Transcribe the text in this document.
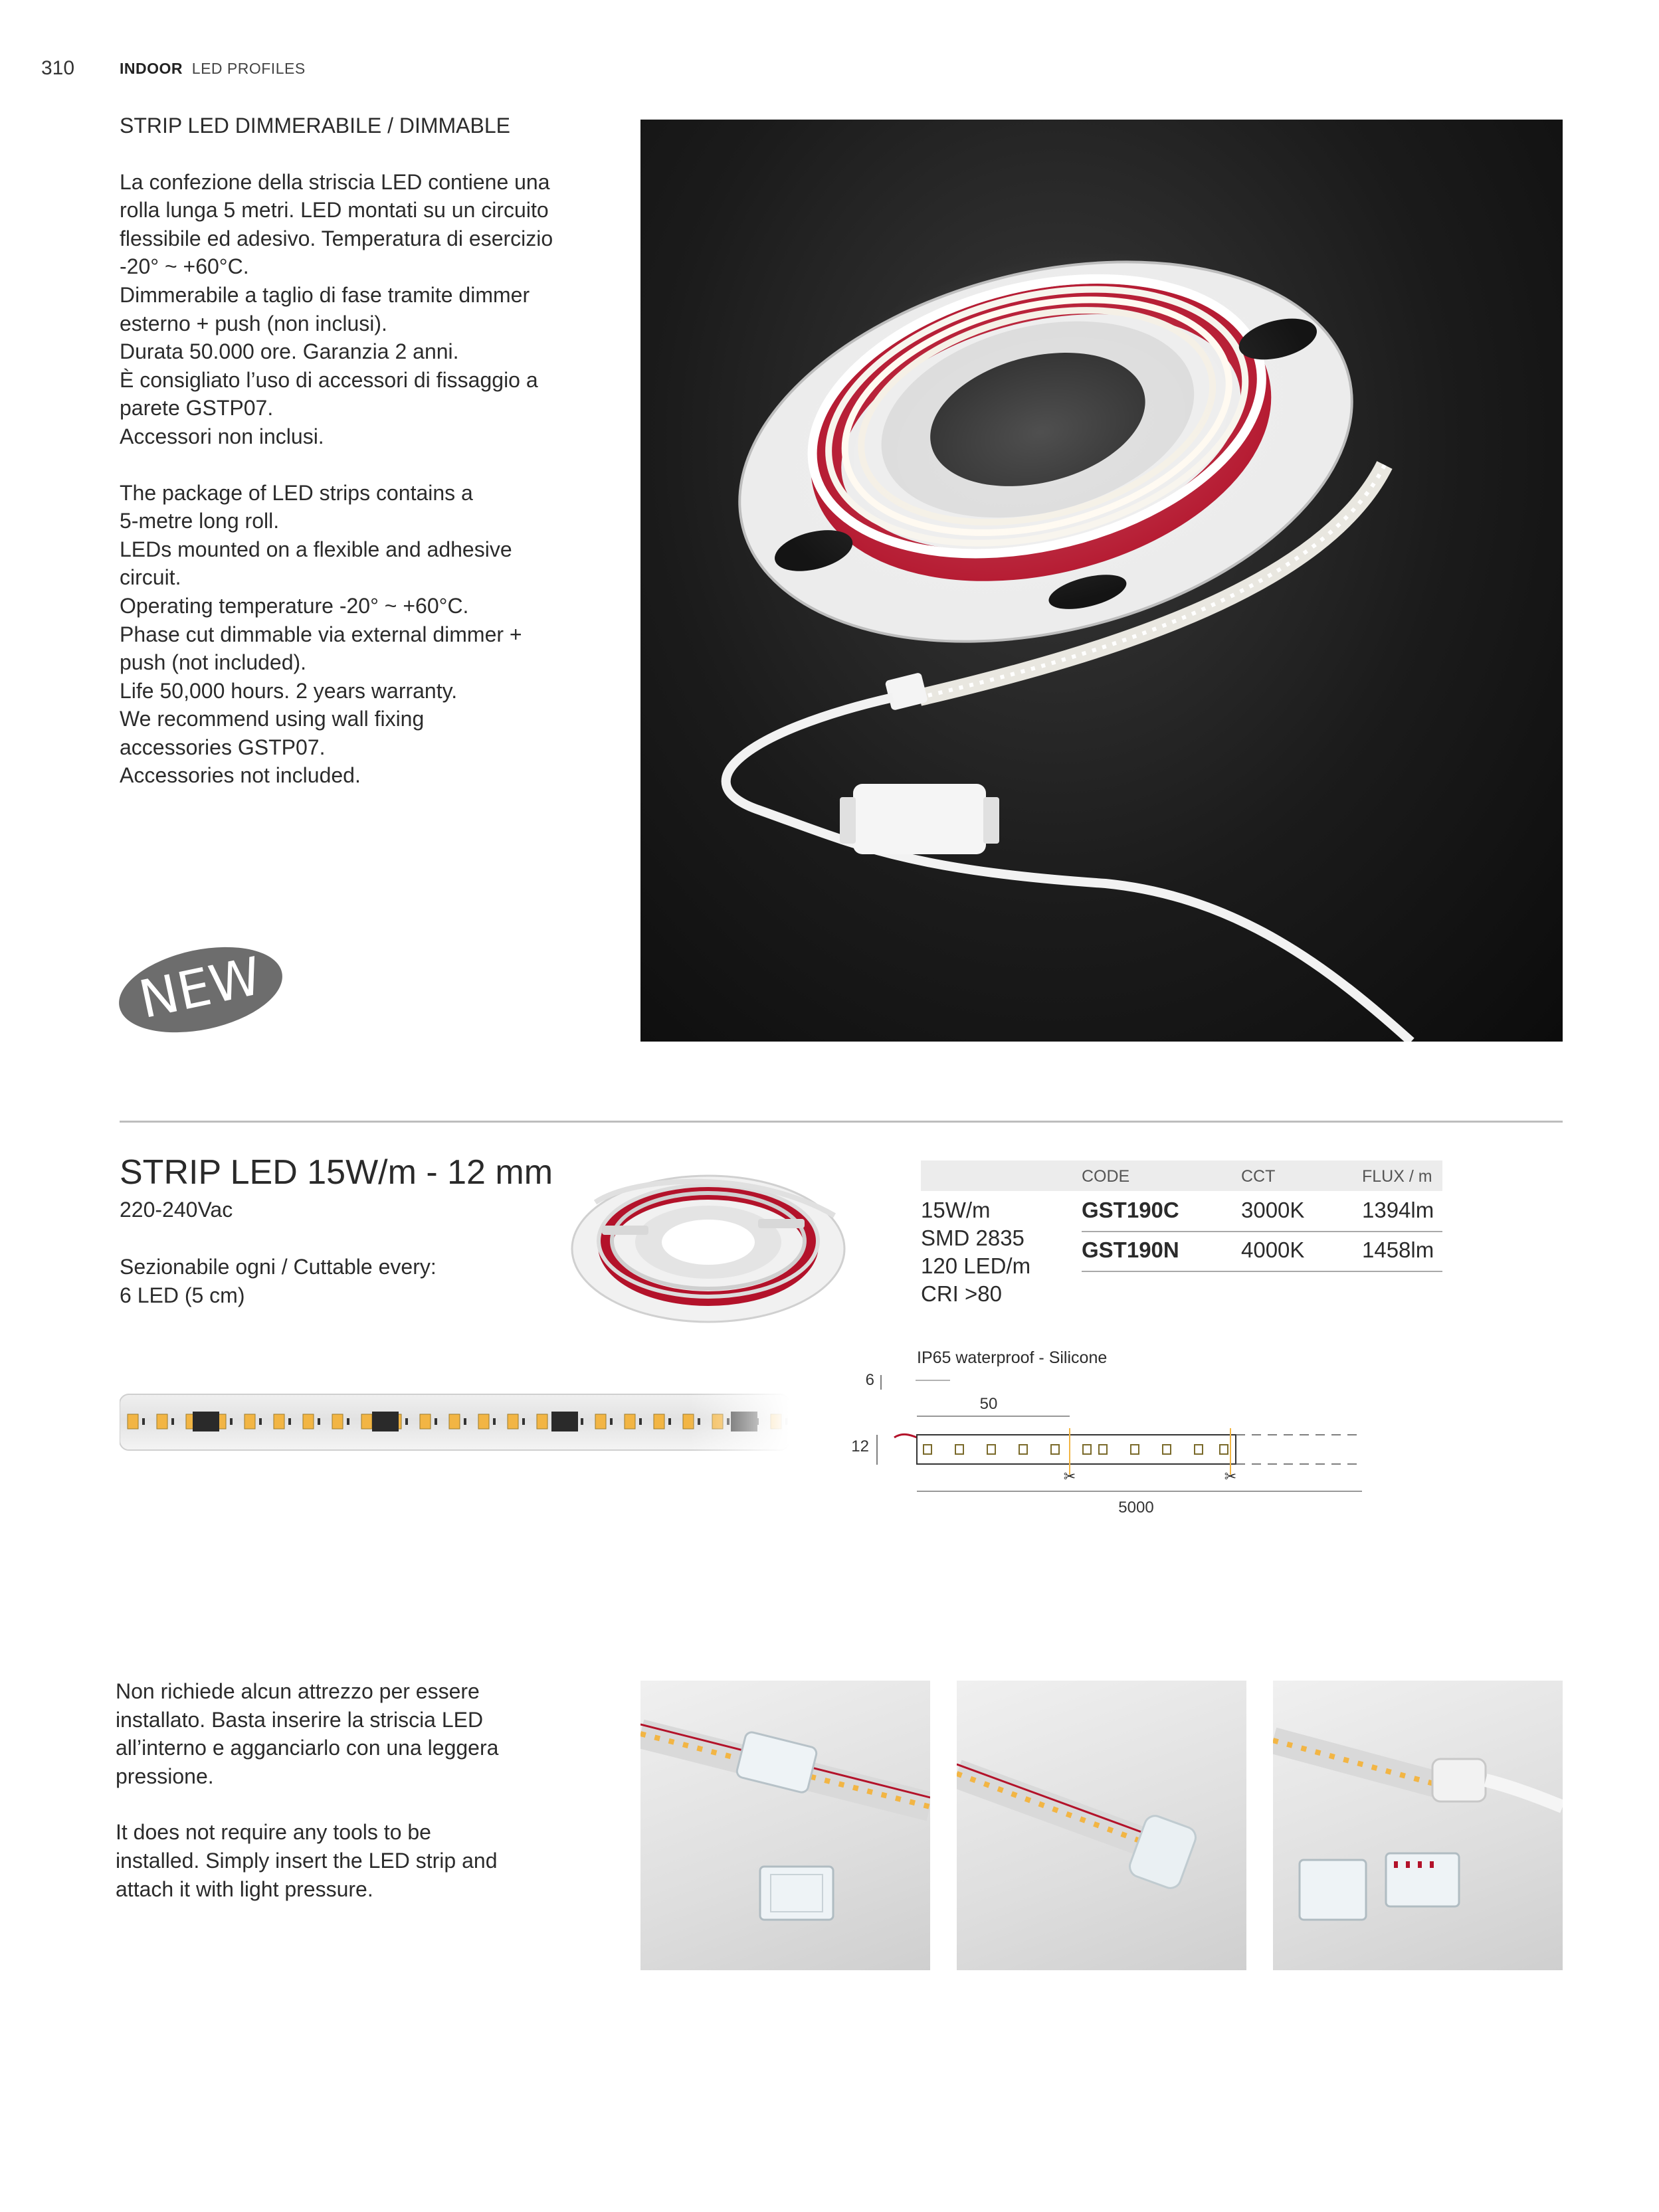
310	INDOOR LED PROFILES

STRIP LED DIMMERABILE / DIMMABLE

La confezione della striscia LED contiene una

rolla lunga 5 metri. LED montati su un circuito

flessibile ed adesivo. Temperatura di esercizio

-20° ~ +60°C.

Dimmerabile a taglio di fase tramite dimmer

esterno + push (non inclusi).

Durata 50.000 ore. Garanzia 2 anni.

È consigliato l’uso di accessori di fissaggio a

parete GSTP07.

Accessori non inclusi.

The package of LED strips contains a

5-metre long roll.

LEDs mounted on a flexible and adhesive

circuit.

Operating temperature -20° ~ +60°C.

Phase cut dimmable via external dimmer +

push (not included).

Life 50,000 hours. 2 years warranty.

We recommend using wall fixing

accessories GSTP07.

Accessories not included.

NEW
STRIP LED 15W/m - 12 mm

220-240Vac

Sezionabile ogni / Cuttable every:

6 LED (5 cm)

CODE	CCT	FLUX / m
15W/m
SMD 2835
120 LED/m
CRI >80
GST190C	3000K	1394lm
GST190N	4000K	1458lm
IP65 waterproof - Silicone
6
50
12
✂	✂
5000

Non richiede alcun attrezzo per essere

installato. Basta inserire la striscia LED

all’interno e agganciarlo con una leggera

pressione.

It does not require any tools to be

installed. Simply insert the LED strip and

attach it with light pressure.
